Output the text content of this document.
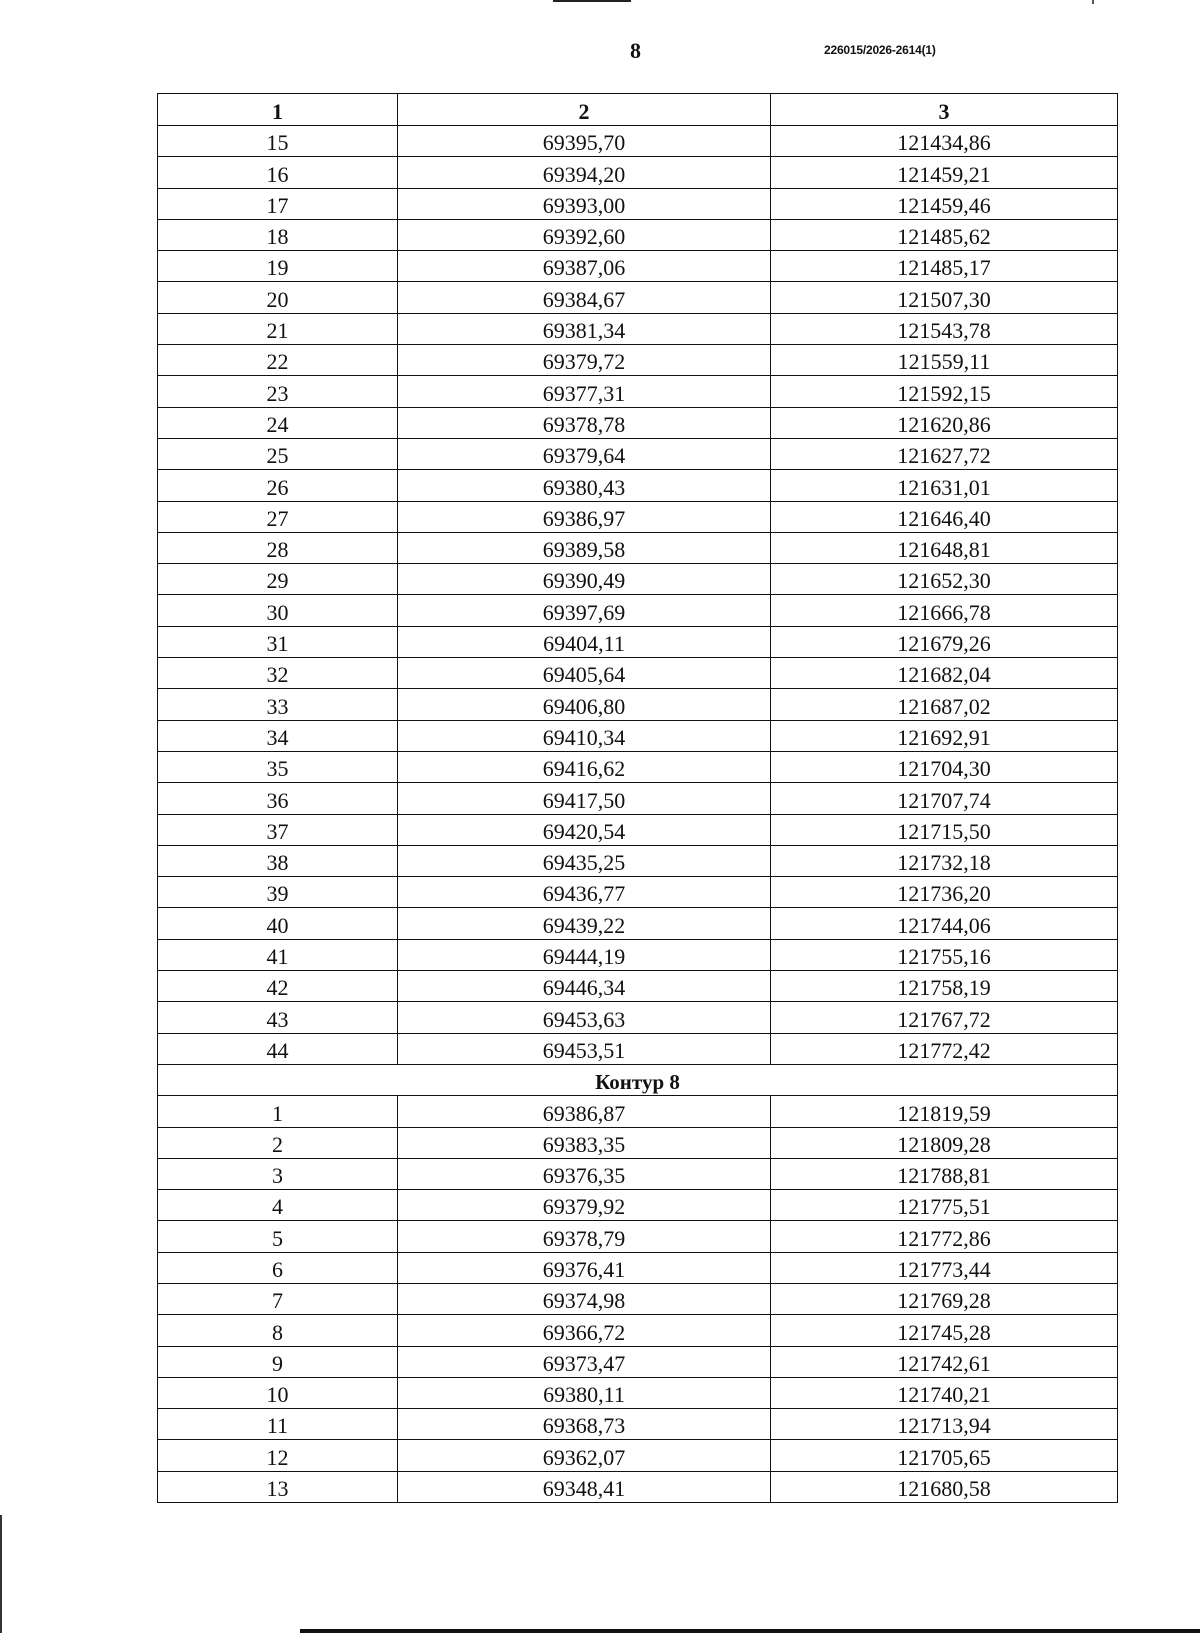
8	226015/2026-2614(1)
1	2	3
15	69395,70	121434,86
16	69394,20	121459,21
17	69393,00	121459,46
18	69392,60	121485,62
19	69387,06	121485,17
20	69384,67	121507,30
21	69381,34	121543,78
22	69379,72	121559,11
23	69377,31	121592,15
24	69378,78	121620,86
25	69379,64	121627,72
26	69380,43	121631,01
27	69386,97	121646,40
28	69389,58	121648,81
29	69390,49	121652,30
30	69397,69	121666,78
31	69404,11	121679,26
32	69405,64	121682,04
33	69406,80	121687,02
34	69410,34	121692,91
35	69416,62	121704,30
36	69417,50	121707,74
37	69420,54	121715,50
38	69435,25	121732,18
39	69436,77	121736,20
40	69439,22	121744,06
41	69444,19	121755,16
42	69446,34	121758,19
43	69453,63	121767,72
44	69453,51	121772,42
Контур 8		
1	69386,87	121819,59
2	69383,35	121809,28
3	69376,35	121788,81
4	69379,92	121775,51
5	69378,79	121772,86
6	69376,41	121773,44
7	69374,98	121769,28
8	69366,72	121745,28
9	69373,47	121742,61
10	69380,11	121740,21
11	69368,73	121713,94
12	69362,07	121705,65
13	69348,41	121680,58
